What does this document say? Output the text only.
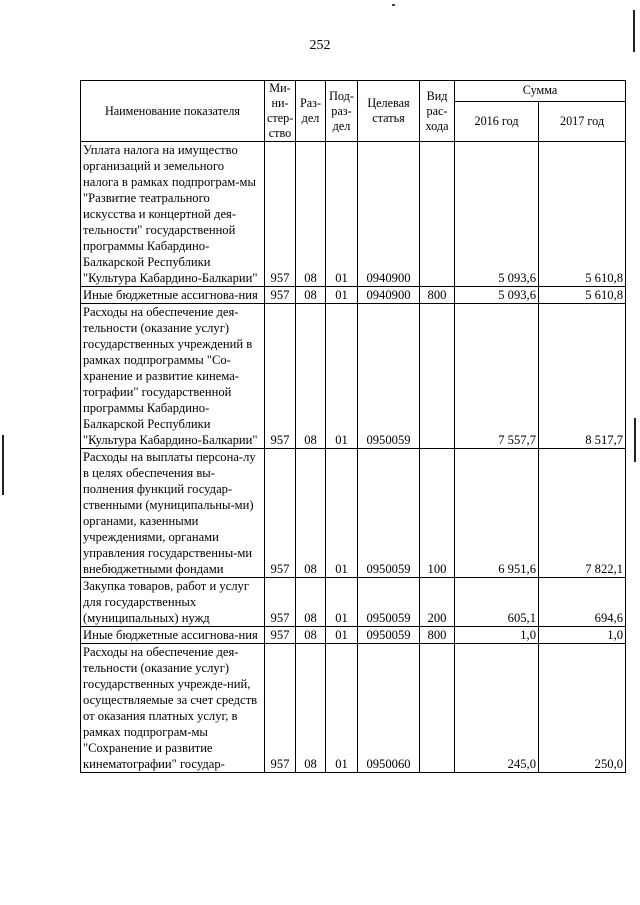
252
Наименование показателя	Ми-
ни-
стер-
ство	Раз-
дел	Под-
раз-
дел	Целевая
статья	Вид
рас-
хода	Сумма	
						2016 год	2017 год
Уплата налога на имущество организаций и земельного налога в рамках подпрограм-мы "Развитие театрального искусства и концертной дея-тельности" государственной программы Кабардино-Балкарской Республики "Культура Кабардино-Балкарии"	957	08	01	0940900		5 093,6	5 610,8
Иные бюджетные ассигнова-ния	957	08	01	0940900	800	5 093,6	5 610,8
Расходы на обеспечение дея-тельности (оказание услуг) государственных учреждений в рамках подпрограммы "Со-хранение и развитие кинема-тографии" государственной программы Кабардино-Балкарской Республики "Культура Кабардино-Балкарии"	957	08	01	0950059		7 557,7	8 517,7
Расходы на выплаты персона-лу в целях обеспечения вы-полнения функций государ-ственными (муниципальны-ми) органами, казенными учреждениями, органами управления государственны-ми внебюджетными фондами	957	08	01	0950059	100	6 951,6	7 822,1
Закупка товаров, работ и услуг для государственных (муниципальных) нужд	957	08	01	0950059	200	605,1	694,6
Иные бюджетные ассигнова-ния	957	08	01	0950059	800	1,0	1,0
Расходы на обеспечение дея-тельности (оказание услуг) государственных учрежде-ний, осуществляемые за счет средств от оказания платных услуг, в рамках подпрограм-мы "Сохранение и развитие кинематографии" государ-	957	08	01	0950060		245,0	250,0
